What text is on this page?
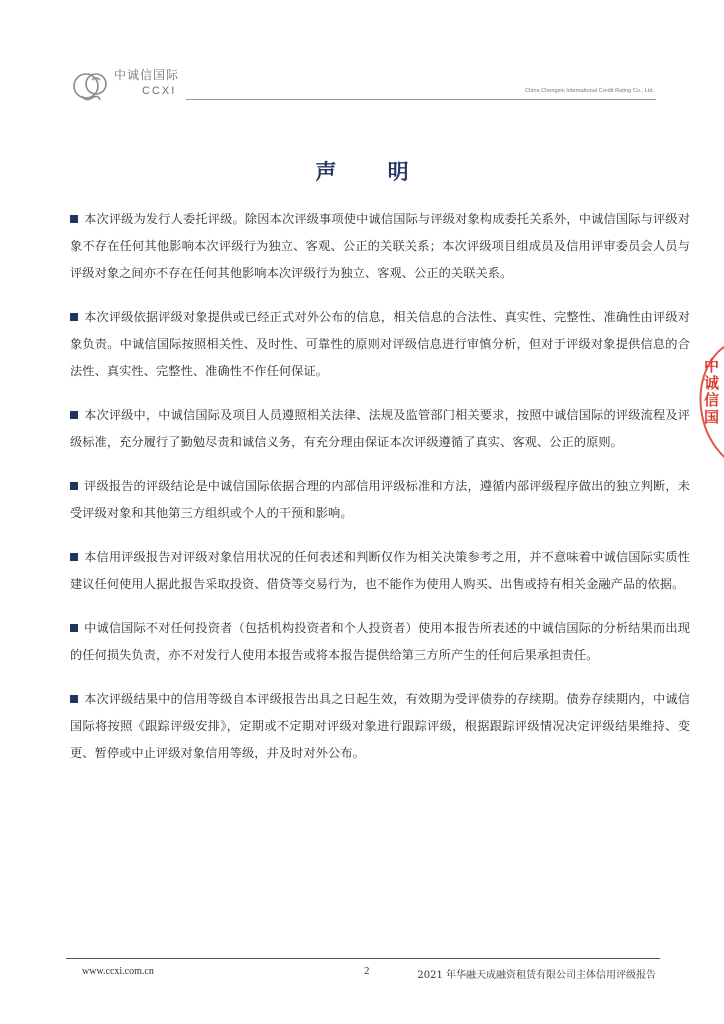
中诚信国际
CCXI	China Chengxin International Credit Rating Co., Ltd.
声 明

本次评级为发行人委托评级。除因本次评级事项使中诚信国际与评级对象构成委托关系外，中诚信国际与评级对象不存在任何其他影响本次评级行为独立、客观、公正的关联关系；本次评级项目组成员及信用评审委员会人员与评级对象之间亦不存在任何其他影响本次评级行为独立、客观、公正的关联关系。

本次评级依据评级对象提供或已经正式对外公布的信息，相关信息的合法性、真实性、完整性、准确性由评级对象负责。中诚信国际按照相关性、及时性、可靠性的原则对评级信息进行审慎分析，但对于评级对象提供信息的合法性、真实性、完整性、准确性不作任何保证。

本次评级中，中诚信国际及项目人员遵照相关法律、法规及监管部门相关要求，按照中诚信国际的评级流程及评级标准，充分履行了勤勉尽责和诚信义务，有充分理由保证本次评级遵循了真实、客观、公正的原则。

评级报告的评级结论是中诚信国际依据合理的内部信用评级标准和方法，遵循内部评级程序做出的独立判断，未受评级对象和其他第三方组织或个人的干预和影响。

本信用评级报告对评级对象信用状况的任何表述和判断仅作为相关决策参考之用，并不意味着中诚信国际实质性建议任何使用人据此报告采取投资、借贷等交易行为，也不能作为使用人购买、出售或持有相关金融产品的依据。

中诚信国际不对任何投资者（包括机构投资者和个人投资者）使用本报告所表述的中诚信国际的分析结果而出现的任何损失负责，亦不对发行人使用本报告或将本报告提供给第三方所产生的任何后果承担责任。

本次评级结果中的信用等级自本评级报告出具之日起生效，有效期为受评债券的存续期。债券存续期内，中诚信国际将按照《跟踪评级安排》，定期或不定期对评级对象进行跟踪评级，根据跟踪评级情况决定评级结果维持、变更、暂停或中止评级对象信用等级，并及时对外公布。

中诚信国
www.ccxi.com.cn	2	2021 年华融天成融资租赁有限公司主体信用评级报告
